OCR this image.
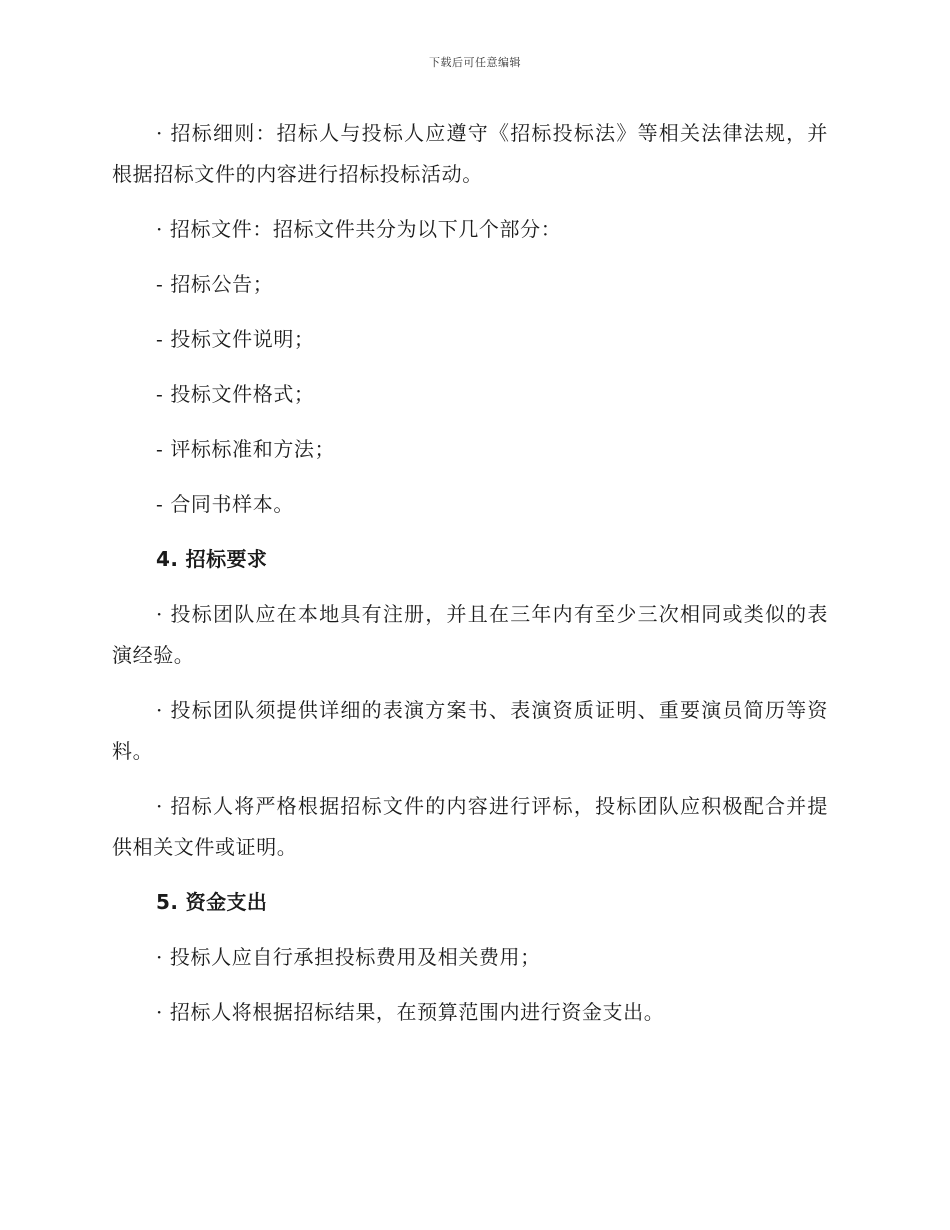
下载后可任意编辑

· 招标细则：招标人与投标人应遵守《招标投标法》等相关法律法规，并根据招标文件的内容进行招标投标活动。

· 招标文件：招标文件共分为以下几个部分：

- 招标公告；

- 投标文件说明；

- 投标文件格式；

- 评标标准和方法；

- 合同书样本。

4. 招标要求

· 投标团队应在本地具有注册，并且在三年内有至少三次相同或类似的表演经验。

· 投标团队须提供详细的表演方案书、表演资质证明、重要演员简历等资料。

· 招标人将严格根据招标文件的内容进行评标，投标团队应积极配合并提供相关文件或证明。

5. 资金支出

· 投标人应自行承担投标费用及相关费用；

· 招标人将根据招标结果，在预算范围内进行资金支出。
